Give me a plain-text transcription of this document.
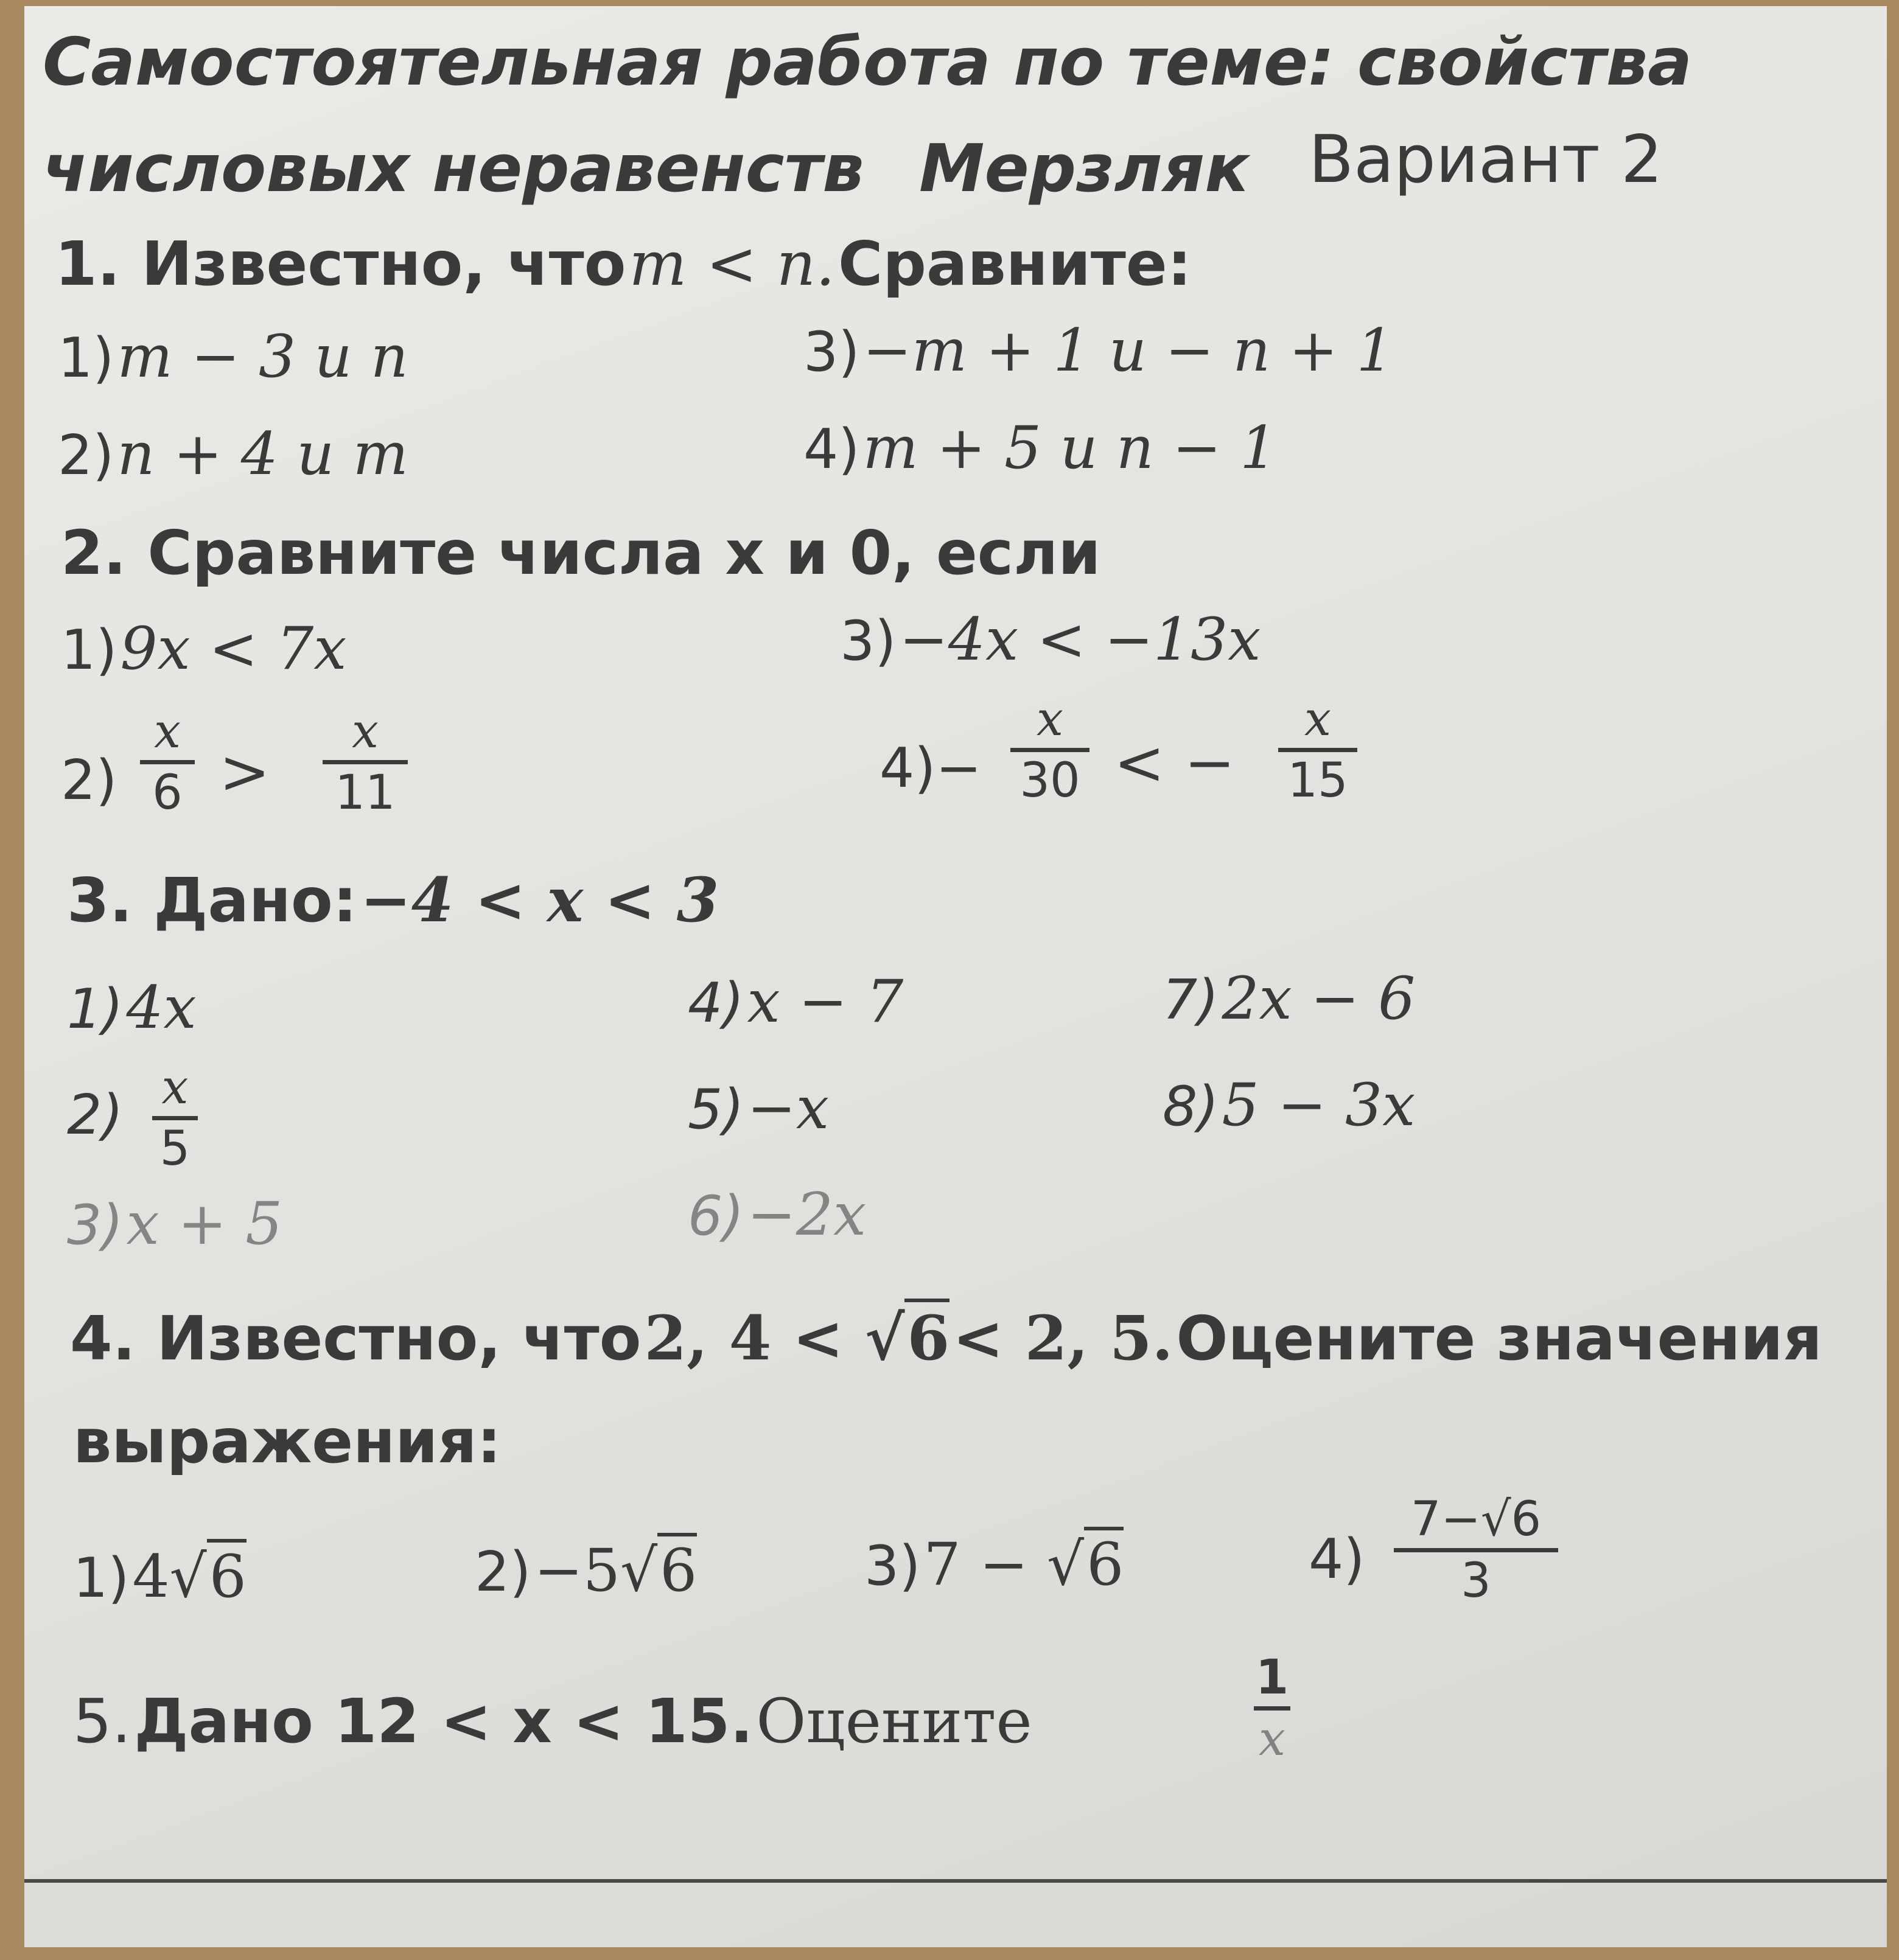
Самостоятельная работа по теме: свойства
числовых неравенств Мерзляк Вариант 2
1. Известно, что m < n. Сравните:
1) m − 3 и n
2) n + 4 и m
3) −m + 1 и − n + 1
4) m + 5 и n − 1
2. Сравните числа x и 0, если
1) 9x < 7x	3) −4x < −13x
2)
x
6 >
x
11	4)−
x
30 < −
x
15
3. Дано: −4 < x < 3
1) 4x
2) x
5
3) x + 5
4) x − 7
5) −x
6) −2x
7) 2x − 6
8) 5 − 3x
4. Известно, что 2, 4 < √6 < 2, 5. Оцените значения
выражения:
1) 4√6	2) −5√6	3) 7 − √6	4)
7−√6
3
5. Дано 12 < x < 15. Оцените
1
x
